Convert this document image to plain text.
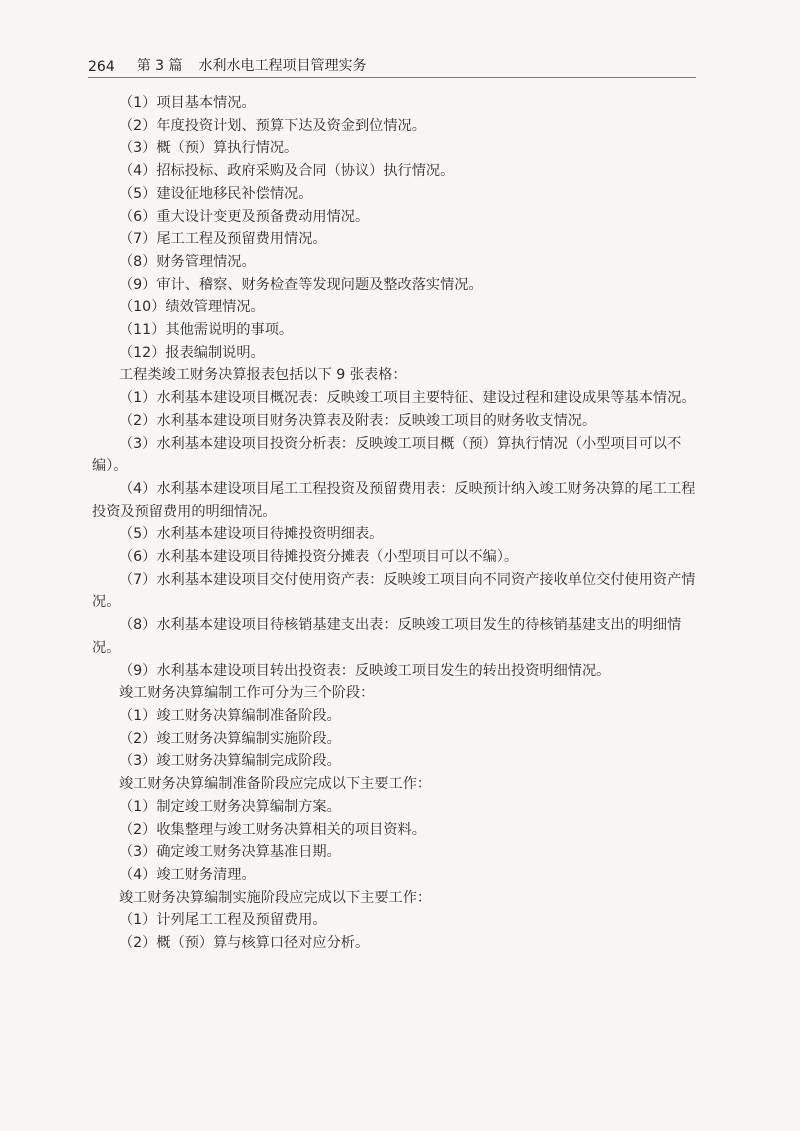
264 第 3 篇 水利水电工程项目管理实务

（1）项目基本情况。

（2）年度投资计划、预算下达及资金到位情况。

（3）概（预）算执行情况。

（4）招标投标、政府采购及合同（协议）执行情况。

（5）建设征地移民补偿情况。

（6）重大设计变更及预备费动用情况。

（7）尾工工程及预留费用情况。

（8）财务管理情况。

（9）审计、稽察、财务检查等发现问题及整改落实情况。

（10）绩效管理情况。

（11）其他需说明的事项。

（12）报表编制说明。

工程类竣工财务决算报表包括以下 9 张表格：

（1）水利基本建设项目概况表：反映竣工项目主要特征、建设过程和建设成果等基本情况。

（2）水利基本建设项目财务决算表及附表：反映竣工项目的财务收支情况。

（3）水利基本建设项目投资分析表：反映竣工项目概（预）算执行情况（小型项目可以不编）。

（4）水利基本建设项目尾工工程投资及预留费用表：反映预计纳入竣工财务决算的尾工工程投资及预留费用的明细情况。

（5）水利基本建设项目待摊投资明细表。

（6）水利基本建设项目待摊投资分摊表（小型项目可以不编）。

（7）水利基本建设项目交付使用资产表：反映竣工项目向不同资产接收单位交付使用资产情况。

（8）水利基本建设项目待核销基建支出表：反映竣工项目发生的待核销基建支出的明细情况。

（9）水利基本建设项目转出投资表：反映竣工项目发生的转出投资明细情况。

竣工财务决算编制工作可分为三个阶段：

（1）竣工财务决算编制准备阶段。

（2）竣工财务决算编制实施阶段。

（3）竣工财务决算编制完成阶段。

竣工财务决算编制准备阶段应完成以下主要工作：

（1）制定竣工财务决算编制方案。

（2）收集整理与竣工财务决算相关的项目资料。

（3）确定竣工财务决算基准日期。

（4）竣工财务清理。

竣工财务决算编制实施阶段应完成以下主要工作：

（1）计列尾工工程及预留费用。

（2）概（预）算与核算口径对应分析。
